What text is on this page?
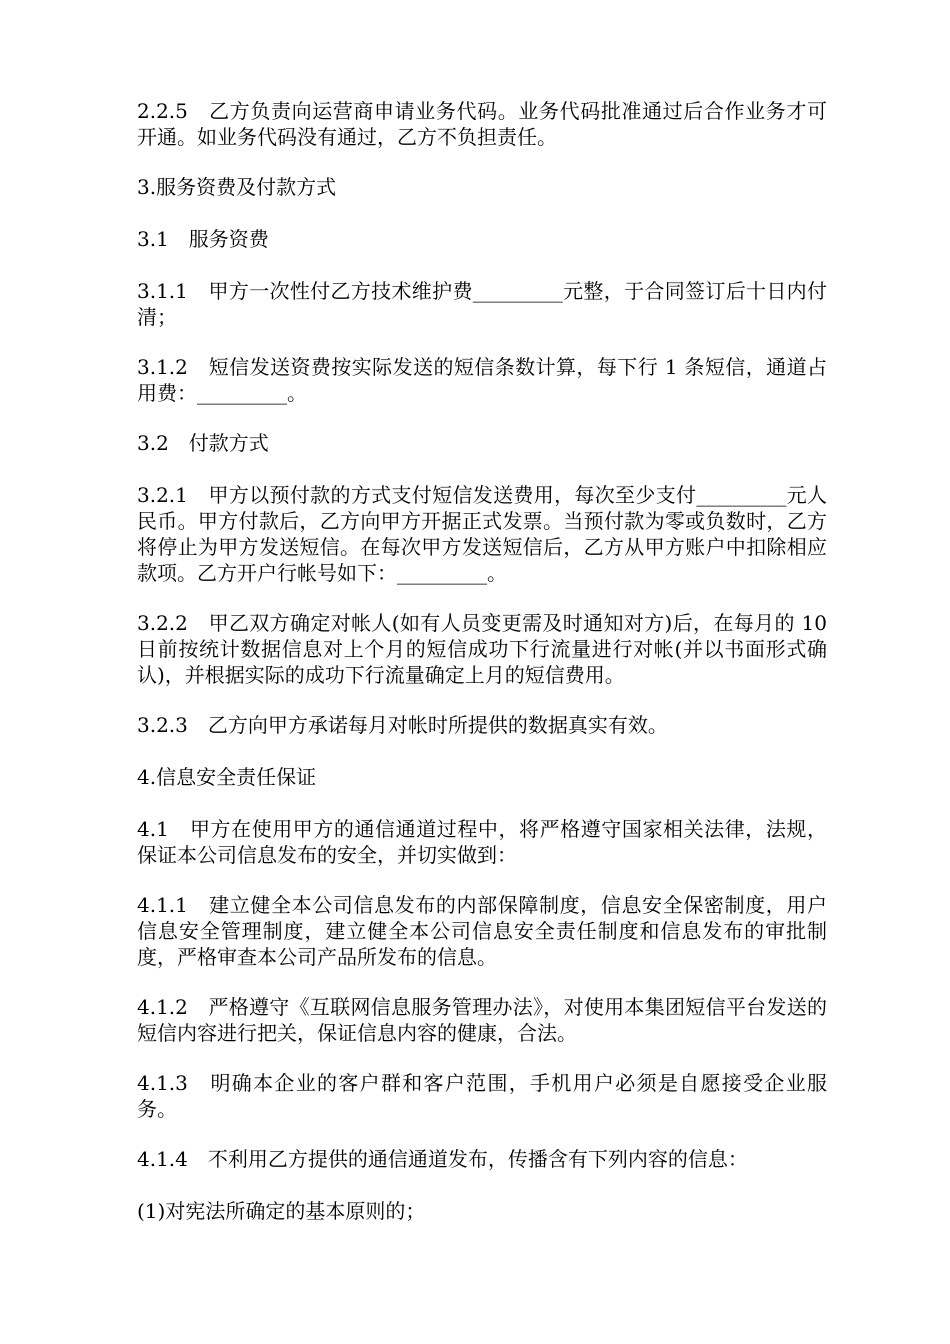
2.2.5　乙方负责向运营商申请业务代码。业务代码批准通过后合作业务才可开通。如业务代码没有通过，乙方不负担责任。

3.服务资费及付款方式

3.1　服务资费

3.1.1　甲方一次性付乙方技术维护费_________元整，于合同签订后十日内付清；

3.1.2　短信发送资费按实际发送的短信条数计算，每下行 1 条短信，通道占用费：_________。

3.2　付款方式

3.2.1　甲方以预付款的方式支付短信发送费用，每次至少支付_________元人民币。甲方付款后，乙方向甲方开据正式发票。当预付款为零或负数时，乙方将停止为甲方发送短信。在每次甲方发送短信后，乙方从甲方账户中扣除相应款项。乙方开户行帐号如下：_________。

3.2.2　甲乙双方确定对帐人(如有人员变更需及时通知对方)后，在每月的 10 日前按统计数据信息对上个月的短信成功下行流量进行对帐(并以书面形式确认)，并根据实际的成功下行流量确定上月的短信费用。

3.2.3　乙方向甲方承诺每月对帐时所提供的数据真实有效。

4.信息安全责任保证

4.1　甲方在使用甲方的通信通道过程中，将严格遵守国家相关法律，法规，保证本公司信息发布的安全，并切实做到：

4.1.1　建立健全本公司信息发布的内部保障制度，信息安全保密制度，用户信息安全管理制度，建立健全本公司信息安全责任制度和信息发布的审批制度，严格审查本公司产品所发布的信息。

4.1.2　严格遵守《互联网信息服务管理办法》，对使用本集团短信平台发送的短信内容进行把关，保证信息内容的健康，合法。

4.1.3　明确本企业的客户群和客户范围，手机用户必须是自愿接受企业服务。

4.1.4　不利用乙方提供的通信通道发布，传播含有下列内容的信息：

(1)对宪法所确定的基本原则的；
